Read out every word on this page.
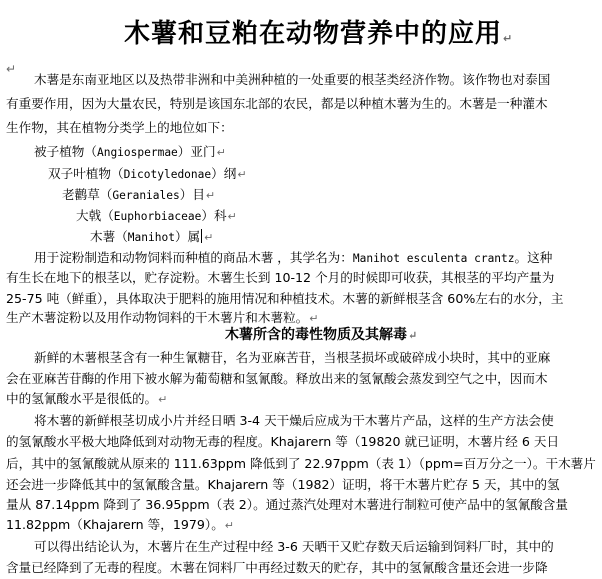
木薯和豆粕在动物营养中的应用↵
↵
木薯是东南亚地区以及热带非洲和中美洲种植的一处重要的根茎类经济作物。该作物也对泰国
有重要作用，因为大量农民，特别是该国东北部的农民，都是以种植木薯为生的。木薯是一种灌木
生作物，其在植物分类学上的地位如下：
被子植物（Angiospermae）亚门↵
双子叶植物（Dicotyledonae）纲↵
老鹳草（Geraniales）目↵
大戟（Euphorbiaceae）科↵
木薯（Manihot）属 ↵
用于淀粉制造和动物饲料而种植的商品木薯 ，其学名为：Manihot esculenta crantz。这种
有生长在地下的根茎以，贮存淀粉。木薯生长到 10-12 个月的时候即可收获，其根茎的平均产量为
25-75 吨（鲜重），具体取决于肥料的施用情况和种植技术。木薯的新鲜根茎含 60%左右的水分，主
生产木薯淀粉以及用作动物饲料的干木薯片和木薯粒。↵
木薯所含的毒性物质及其解毒↵
新鲜的木薯根茎含有一种生氰糖苷，名为亚麻苦苷，当根茎损坏或破碎成小块时，其中的亚麻
会在亚麻苦苷酶的作用下被水解为葡萄糖和氢氰酸。释放出来的氢氰酸会蒸发到空气之中，因而木
中的氢氰酸水平是很低的。↵
将木薯的新鲜根茎切成小片并经日晒 3-4 天干燥后应成为干木薯片产品，这样的生产方法会使
的氢氰酸水平极大地降低到对动物无毒的程度。Khajarern 等（19820 就已证明，木薯片经 6 天日
后，其中的氢氰酸就从原来的 111.63ppm 降低到了 22.97ppm（表 1）（ppm=百万分之一）。干木薯片
还会进一步降低其中的氢氰酸含量。Khajarern 等（1982）证明，将干木薯片贮存 5 天，其中的氢
量从 87.14ppm 降到了 36.95ppm（表 2）。通过蒸汽处理对木薯进行制粒可使产品中的氢氰酸含量
11.82ppm（Khajarern 等，1979）。↵
可以得出结论认为，木薯片在生产过程中经 3-6 天晒干又贮存数天后运输到饲料厂时，其中的
含量已经降到了无毒的程度。木薯在饲料厂中再经过数天的贮存，其中的氢氰酸含量还会进一步降
